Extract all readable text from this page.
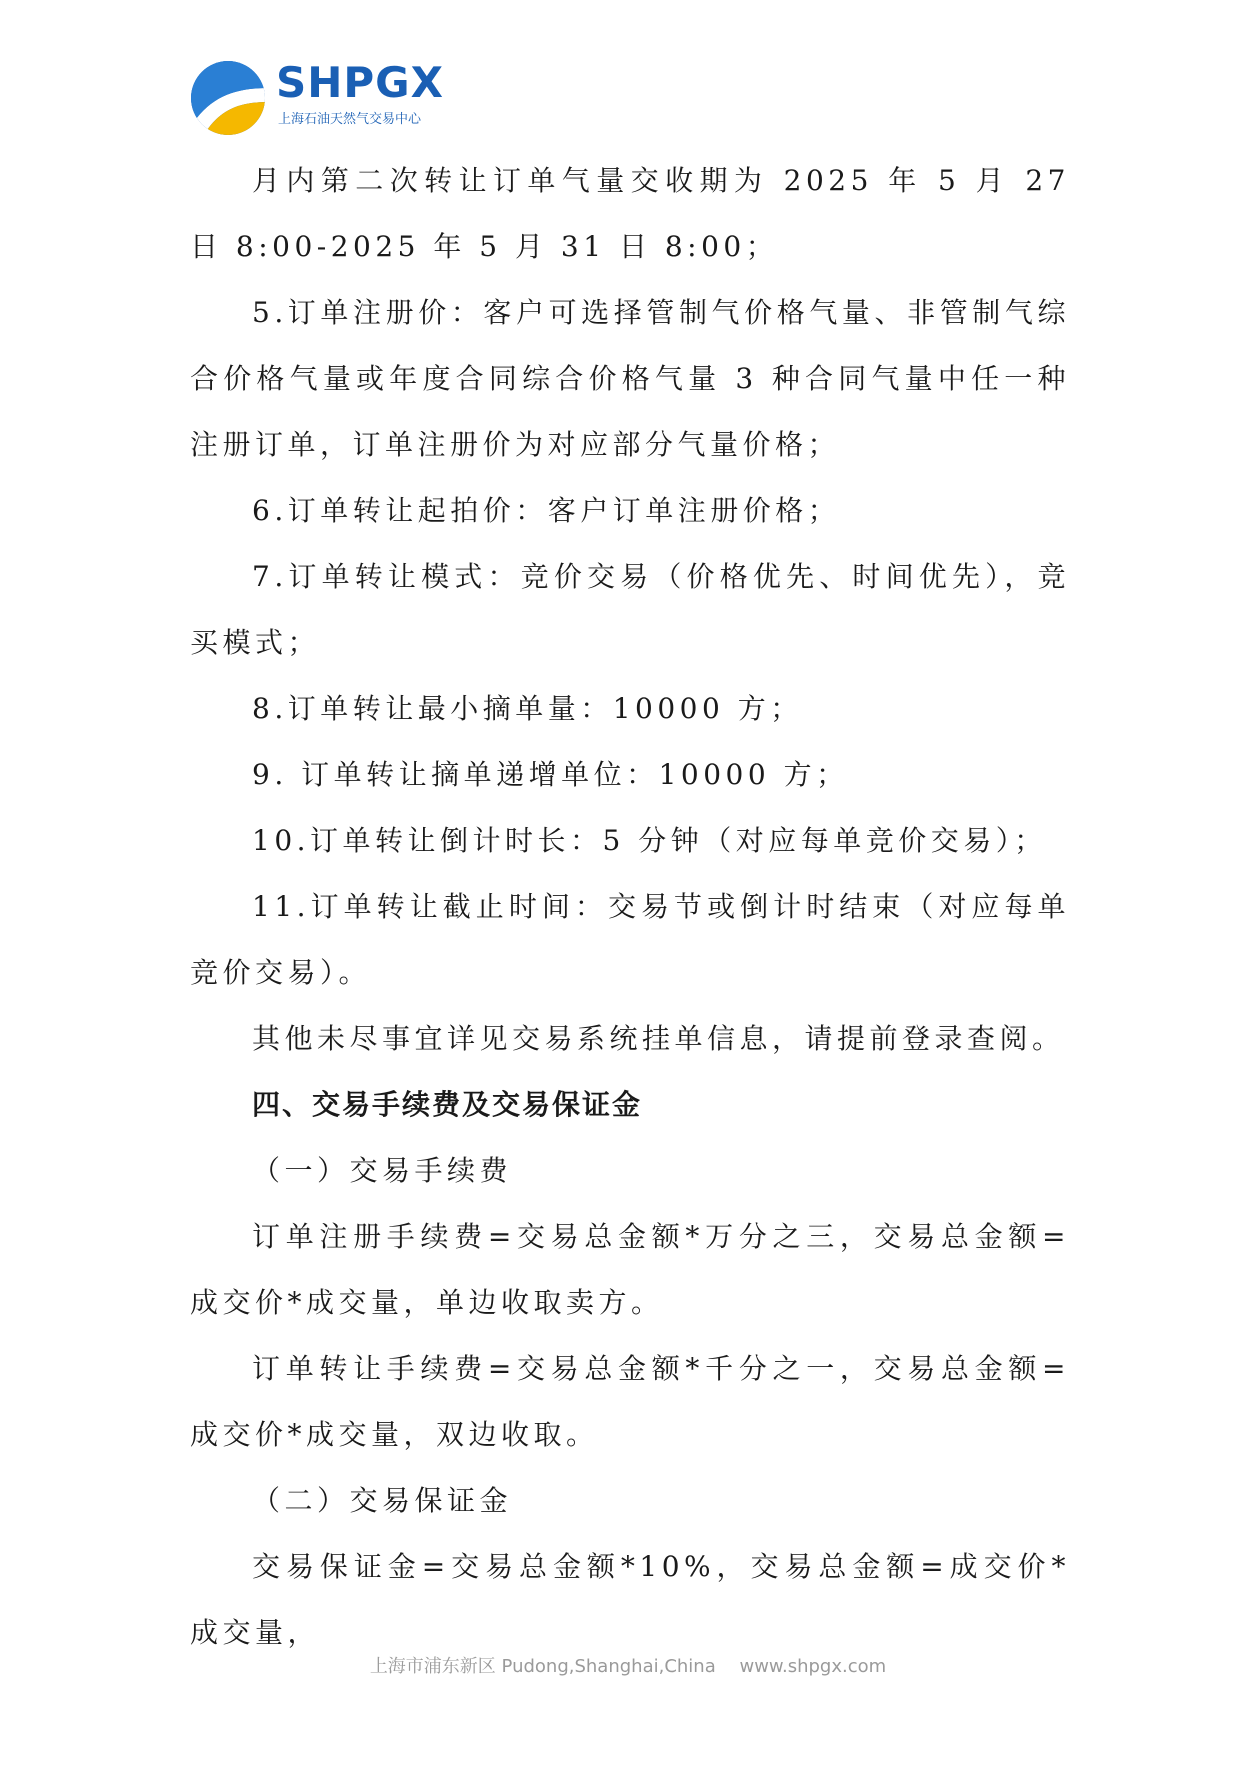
SHPGX
上海石油天然气交易中心

月内第二次转让订单气量交收期为 2025 年 5 月 27 日 8:00-2025 年 5 月 31 日 8:00；

5.订单注册价：客户可选择管制气价格气量、非管制气综合价格气量或年度合同综合价格气量 3 种合同气量中任一种注册订单，订单注册价为对应部分气量价格；

6.订单转让起拍价：客户订单注册价格；

7.订单转让模式：竞价交易（价格优先、时间优先），竞买模式；

8.订单转让最小摘单量：10000 方；

9. 订单转让摘单递增单位：10000 方；

10.订单转让倒计时长：5 分钟（对应每单竞价交易）；

11.订单转让截止时间：交易节或倒计时结束（对应每单竞价交易）。

其他未尽事宜详见交易系统挂单信息，请提前登录查阅。

四、交易手续费及交易保证金

（一）交易手续费

订单注册手续费=交易总金额*万分之三，交易总金额=成交价*成交量，单边收取卖方。

订单转让手续费=交易总金额*千分之一，交易总金额=成交价*成交量，双边收取。

（二）交易保证金

交易保证金=交易总金额*10%，交易总金额=成交价*成交量，

上海市浦东新区 Pudong,Shanghai,China www.shpgx.com
